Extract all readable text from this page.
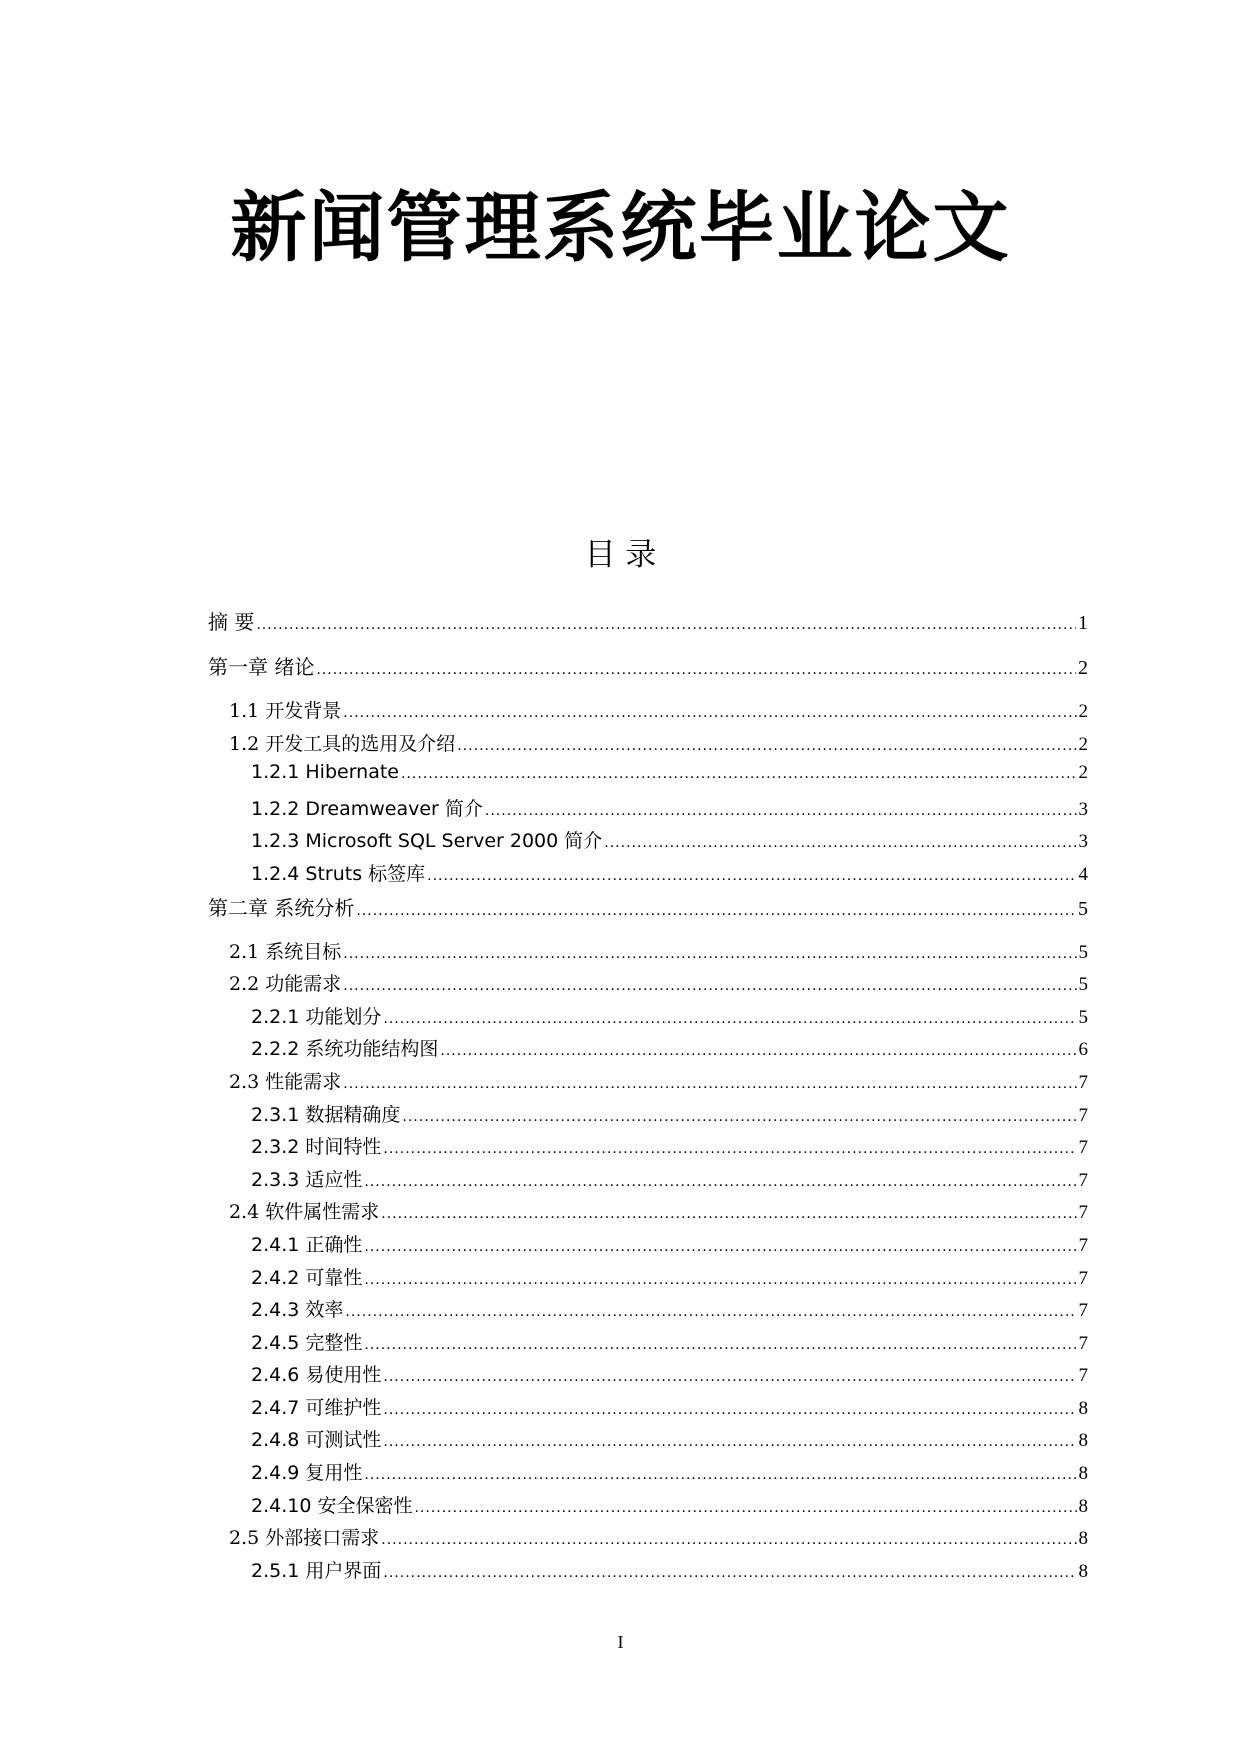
新闻管理系统毕业论文
目 录
摘 要 .....	1
第一章 绪论 .....	2
1.1 开发背景 .....	2
1.2 开发工具的选用及介绍 .....	2
1.2.1 Hibernate .....	2
1.2.2 Dreamweaver 简介 .....	3
1.2.3 Microsoft SQL Server 2000 简介 .....	3
1.2.4 Struts 标签库 .....	4
第二章 系统分析 .....	5
2.1 系统目标 .....	5
2.2 功能需求 .....	5
2.2.1 功能划分 .....	5
2.2.2 系统功能结构图 .....	6
2.3 性能需求 .....	7
2.3.1 数据精确度 .....	7
2.3.2 时间特性 .....	7
2.3.3 适应性 .....	7
2.4 软件属性需求 .....	7
2.4.1 正确性 .....	7
2.4.2 可靠性 .....	7
2.4.3 效率 .....	7
2.4.5 完整性 .....	7
2.4.6 易使用性 .....	7
2.4.7 可维护性 .....	8
2.4.8 可测试性 .....	8
2.4.9 复用性 .....	8
2.4.10 安全保密性 .....	8
2.5 外部接口需求 .....	8
2.5.1 用户界面 .....	8
I
